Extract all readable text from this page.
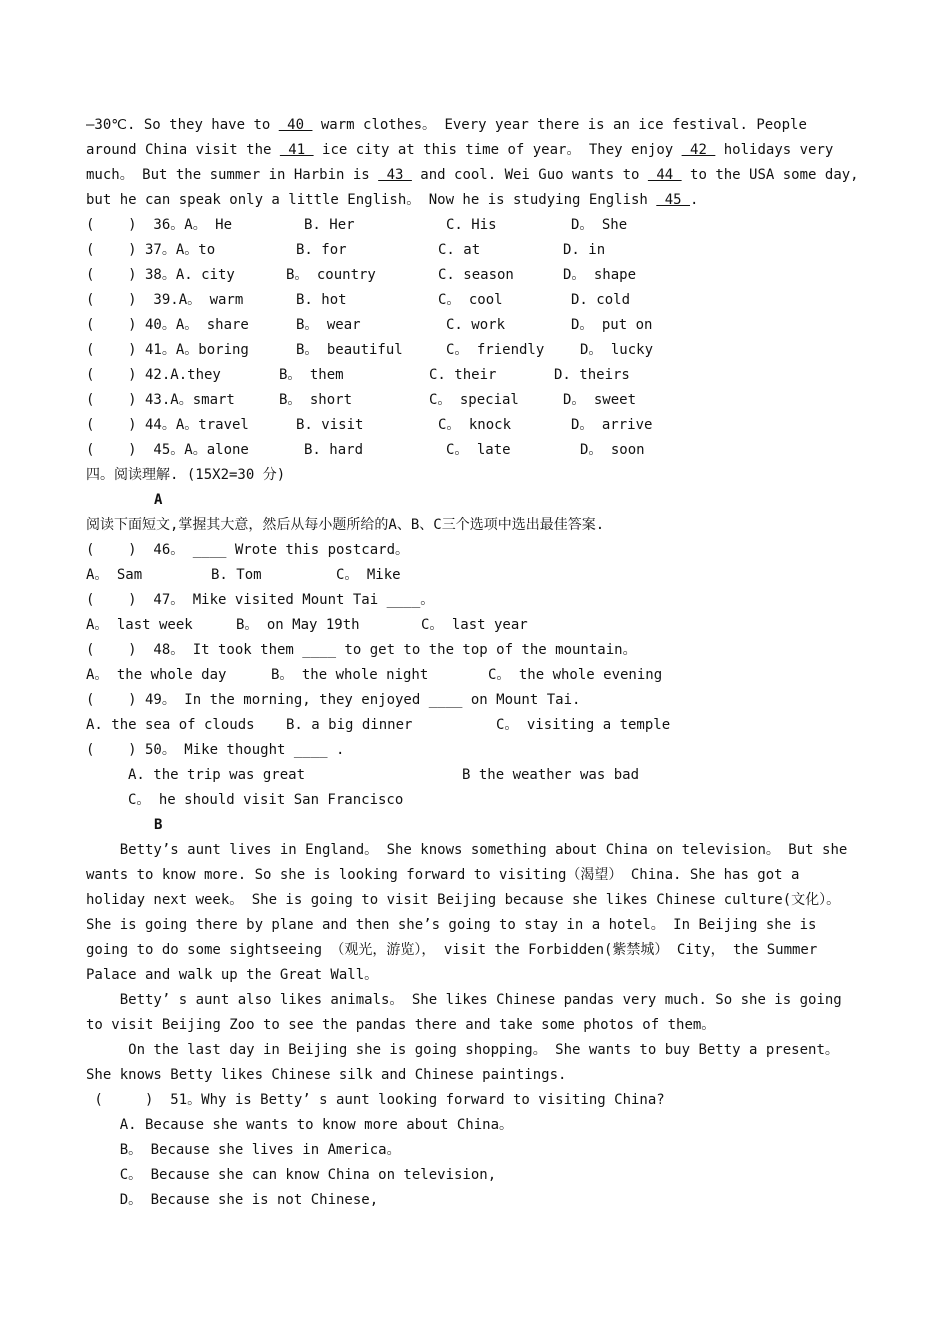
—30℃. So they have to  40  warm clothes。 Every year there is an ice festival. People
around China visit the  41  ice city at this time of year。 They enjoy  42  holidays very
much。 But the summer in Harbin is  43  and cool. Wei Guo wants to  44  to the USA some day,
but he can speak only a little English。 Now he is studying English  45 .
(    )  36。A。 He	B. Her	C. His	D。 She
(    ) 37。A。to	B. for	C. at	D. in
(    ) 38。A. city	B。 country	C. season	D。 shape
(    )  39.A。 warm	B. hot	C。 cool	D. cold
(    ) 40。A。 share	B。 wear	C. work	D。 put on
(    ) 41。A。boring	B。 beautiful	C。 friendly	D。 lucky
(    ) 42.A.they	B。 them	C. their	D. theirs
(    ) 43.A。smart	B。 short	C。 special	D。 sweet
(    ) 44。A。travel	B. visit	C。 knock	D。 arrive
(    )  45。A。alone	B. hard	C。 late	D。 soon
四。阅读理解. (15X2=30 分)
A
阅读下面短文,掌握其大意，然后从每小题所给的A、B、C三个选项中选出最佳答案.
(    )  46。 ____ Wrote this postcard。
A。 Sam	B. Tom	C。 Mike
(    )  47。 Mike visited Mount Tai ____。
A。 last week	B。 on May 19th	C。 last year
(    )  48。 It took them ____ to get to the top of the mountain。
A。 the whole day	B。 the whole night	C。 the whole evening
(    ) 49。 In the morning, they enjoyed ____ on Mount Tai.
A. the sea of clouds B. a big dinner	C。 visiting a temple
(    ) 50。 Mike thought ____ .
A. the trip was great	B the weather was bad
C。 he should visit San Francisco
B
Betty’s aunt lives in England。 She knows something about China on television。 But she
wants to know more. So she is looking forward to visiting（渴望） China. She has got a
holiday next week。 She is going to visit Beijing because she likes Chinese culture(文化）。
She is going there by plane and then she’s going to stay in a hotel。 In Beijing she is
going to do some sightseeing （观光，游览）， visit the Forbidden(紫禁城） City， the Summer
Palace and walk up the Great Wall。
Betty’ s aunt also likes animals。 She likes Chinese pandas very much. So she is going
to visit Beijing Zoo to see the pandas there and take some photos of them。
On the last day in Beijing she is going shopping。 She wants to buy Betty a present。
She knows Betty likes Chinese silk and Chinese paintings.
(     )  51。Why is Betty’ s aunt looking forward to visiting China?
A. Because she wants to know more about China。
B。 Because she lives in America。
C。 Because she can know China on television,
D。 Because she is not Chinese,
